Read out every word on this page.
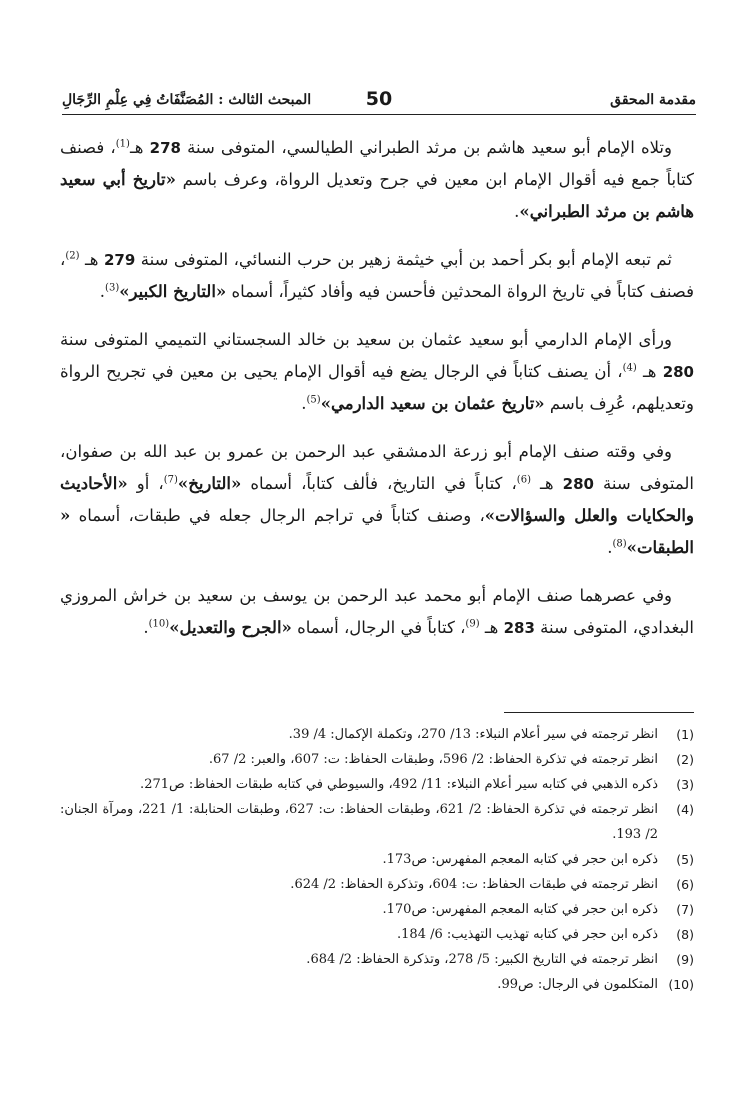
مقدمة المحقق
50
المبحث الثالث : المُصَنَّفَاتُ فِي عِلْمِ الرِّجَالِ

وتلاه الإمام أبو سعيد هاشم بن مرثد الطبراني الطيالسي، المتوفى سنة 278 هـ$^{(1)}$، فصنف كتاباً جمع فيه أقوال الإمام ابن معين في جرح وتعديل الرواة، وعرف باسم «تاريخ أبي سعيد هاشم بن مرثد الطبراني».

ثم تبعه الإمام أبو بكر أحمد بن أبي خيثمة زهير بن حرب النسائي، المتوفى سنة 279 هـ $^{(2)}$، فصنف كتاباً في تاريخ الرواة المحدثين فأحسن فيه وأفاد كثيراً، أسماه «التاريخ الكبير»$^{(3)}$.

ورأى الإمام الدارمي أبو سعيد عثمان بن سعيد بن خالد السجستاني التميمي المتوفى سنة 280 هـ $^{(4)}$، أن يصنف كتاباً في الرجال يضع فيه أقوال الإمام يحيى بن معين في تجريح الرواة وتعديلهم، عُرِف باسم «تاريخ عثمان بن سعيد الدارمي»$^{(5)}$.

وفي وقته صنف الإمام أبو زرعة الدمشقي عبد الرحمن بن عمرو بن عبد الله بن صفوان، المتوفى سنة 280 هـ $^{(6)}$، كتاباً في التاريخ، فألف كتاباً، أسماه «التاريخ»$^{(7)}$، أو «الأحاديث والحكايات والعلل والسؤالات»، وصنف كتاباً في تراجم الرجال جعله في طبقات، أسماه « الطبقات»$^{(8)}$.

وفي عصرهما صنف الإمام أبو محمد عبد الرحمن بن يوسف بن سعيد بن خراش المروزي البغدادي، المتوفى سنة 283 هـ $^{(9)}$، كتاباً في الرجال، أسماه «الجرح والتعديل»$^{(10)}$.

(1)
انظر ترجمته في سير أعلام النبلاء: 13/ 270، وتكملة الإكمال: 4/ 39.
(2)
انظر ترجمته في تذكرة الحفاظ: 2/ 596، وطبقات الحفاظ: ت: 607، والعبر: 2/ 67.
(3)
ذكره الذهبي في كتابه سير أعلام النبلاء: 11/ 492، والسيوطي في كتابه طبقات الحفاظ: ص271.
(4)
انظر ترجمته في تذكرة الحفاظ: 2/ 621، وطبقات الحفاظ: ت: 627، وطبقات الحنابلة: 1/ 221، ومرآة الجنان: 2/ 193.
(5)
ذكره ابن حجر في كتابه المعجم المفهرس: ص173.
(6)
انظر ترجمته في طبقات الحفاظ: ت: 604، وتذكرة الحفاظ: 2/ 624.
(7)
ذكره ابن حجر في كتابه المعجم المفهرس: ص170.
(8)
ذكره ابن حجر في كتابه تهذيب التهذيب: 6/ 184.
(9)
انظر ترجمته في التاريخ الكبير: 5/ 278، وتذكرة الحفاظ: 2/ 684.
(10)
المتكلمون في الرجال: ص99.
